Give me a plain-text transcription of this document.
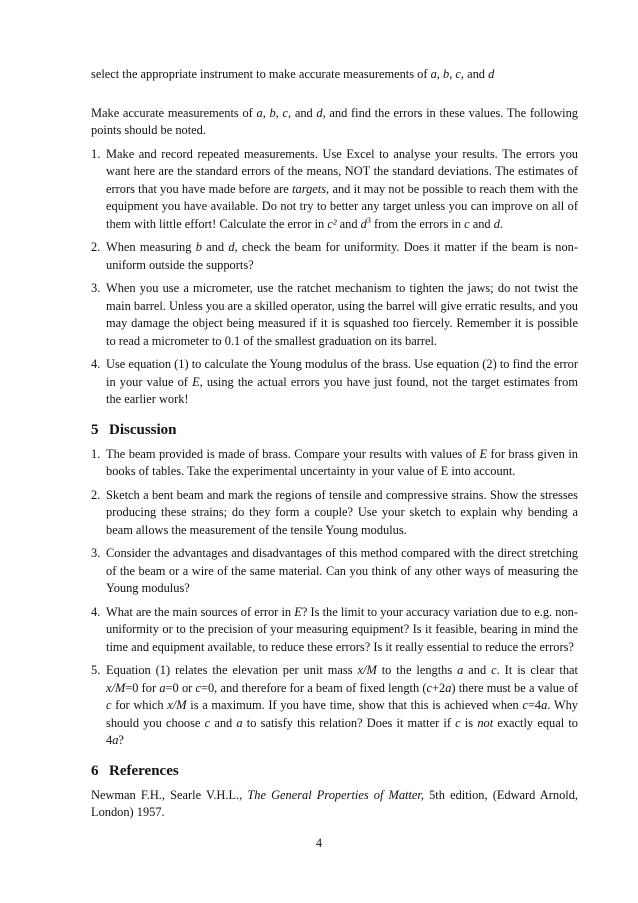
select the appropriate instrument to make accurate measurements of a, b, c, and d

Make accurate measurements of a, b, c, and d, and find the errors in these values. The following points should be noted.

1. Make and record repeated measurements. Use Excel to analyse your results. The errors you want here are the standard errors of the means, NOT the standard deviations. The estimates of errors that you have made before are targets, and it may not be possible to reach them with the equipment you have available. Do not try to better any target unless you can improve on all of them with little effort! Calculate the error in c² and $d^3$ from the errors in c and d.
2. When measuring b and d, check the beam for uniformity. Does it matter if the beam is non-uniform outside the supports?
3. When you use a micrometer, use the ratchet mechanism to tighten the jaws; do not twist the main barrel. Unless you are a skilled operator, using the barrel will give erratic results, and you may damage the object being measured if it is squashed too fiercely. Remember it is possible to read a micrometer to 0.1 of the smallest graduation on its barrel.
4. Use equation (1) to calculate the Young modulus of the brass. Use equation (2) to find the error in your value of E, using the actual errors you have just found, not the target estimates from the earlier work!
5 Discussion
1. The beam provided is made of brass. Compare your results with values of E for brass given in books of tables. Take the experimental uncertainty in your value of E into account.
2. Sketch a bent beam and mark the regions of tensile and compressive strains. Show the stresses producing these strains; do they form a couple? Use your sketch to explain why bending a beam allows the measurement of the tensile Young modulus.
3. Consider the advantages and disadvantages of this method compared with the direct stretching of the beam or a wire of the same material. Can you think of any other ways of measuring the Young modulus?
4. What are the main sources of error in E? Is the limit to your accuracy variation due to e.g. non-uniformity or to the precision of your measuring equipment? Is it feasible, bearing in mind the time and equipment available, to reduce these errors? Is it really essential to reduce the errors?
5. Equation (1) relates the elevation per unit mass x/M to the lengths a and c. It is clear that x/M=0 for a=0 or c=0, and therefore for a beam of fixed length (c+2a) there must be a value of c for which x/M is a maximum. If you have time, show that this is achieved when c=4a. Why should you choose c and a to satisfy this relation? Does it matter if c is not exactly equal to 4a?
6 References

Newman F.H., Searle V.H.L., The General Properties of Matter, 5th edition, (Edward Arnold, London) 1957.

4
